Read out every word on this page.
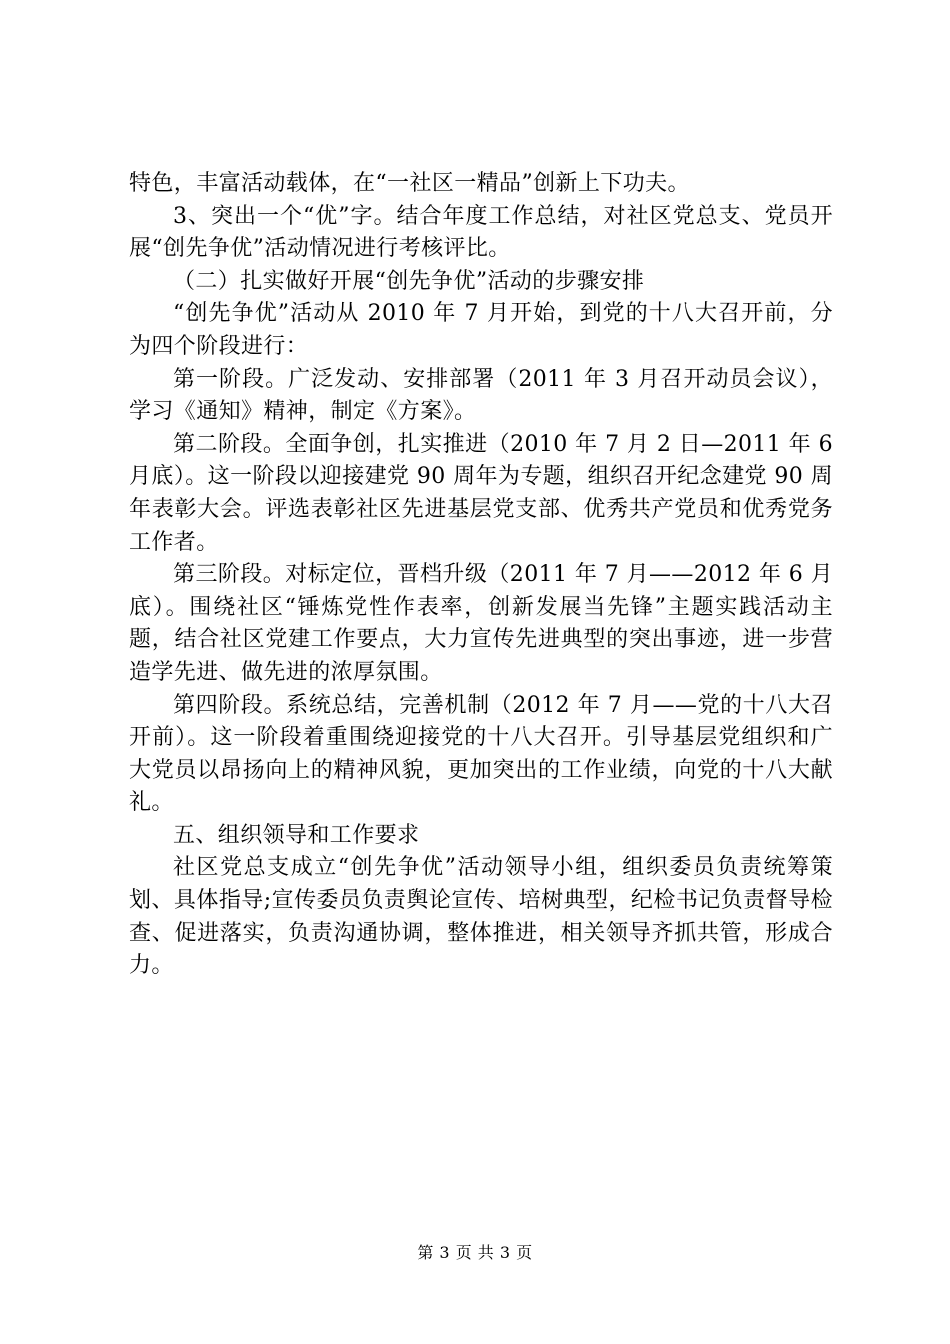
特色，丰富活动载体，在“一社区一精品”创新上下功夫。

3、突出一个“优”字。结合年度工作总结，对社区党总支、党员开展“创先争优”活动情况进行考核评比。

（二）扎实做好开展“创先争优”活动的步骤安排

“创先争优”活动从 2010 年 7 月开始，到党的十八大召开前，分为四个阶段进行：

第一阶段。广泛发动、安排部署（2011 年 3 月召开动员会议），学习《通知》精神，制定《方案》。

第二阶段。全面争创，扎实推进（2010 年 7 月 2 日—2011 年 6 月底）。这一阶段以迎接建党 90 周年为专题，组织召开纪念建党 90 周年表彰大会。评选表彰社区先进基层党支部、优秀共产党员和优秀党务工作者。

第三阶段。对标定位，晋档升级（2011 年 7 月——2012 年 6 月底）。围绕社区“锤炼党性作表率，创新发展当先锋”主题实践活动主题，结合社区党建工作要点，大力宣传先进典型的突出事迹，进一步营造学先进、做先进的浓厚氛围。

第四阶段。系统总结，完善机制（2012 年 7 月——党的十八大召开前）。这一阶段着重围绕迎接党的十八大召开。引导基层党组织和广大党员以昂扬向上的精神风貌，更加突出的工作业绩，向党的十八大献礼。

五、组织领导和工作要求

社区党总支成立“创先争优”活动领导小组，组织委员负责统筹策划、具体指导;宣传委员负责舆论宣传、培树典型，纪检书记负责督导检查、促进落实，负责沟通协调，整体推进，相关领导齐抓共管，形成合力。

第 3 页 共 3 页
